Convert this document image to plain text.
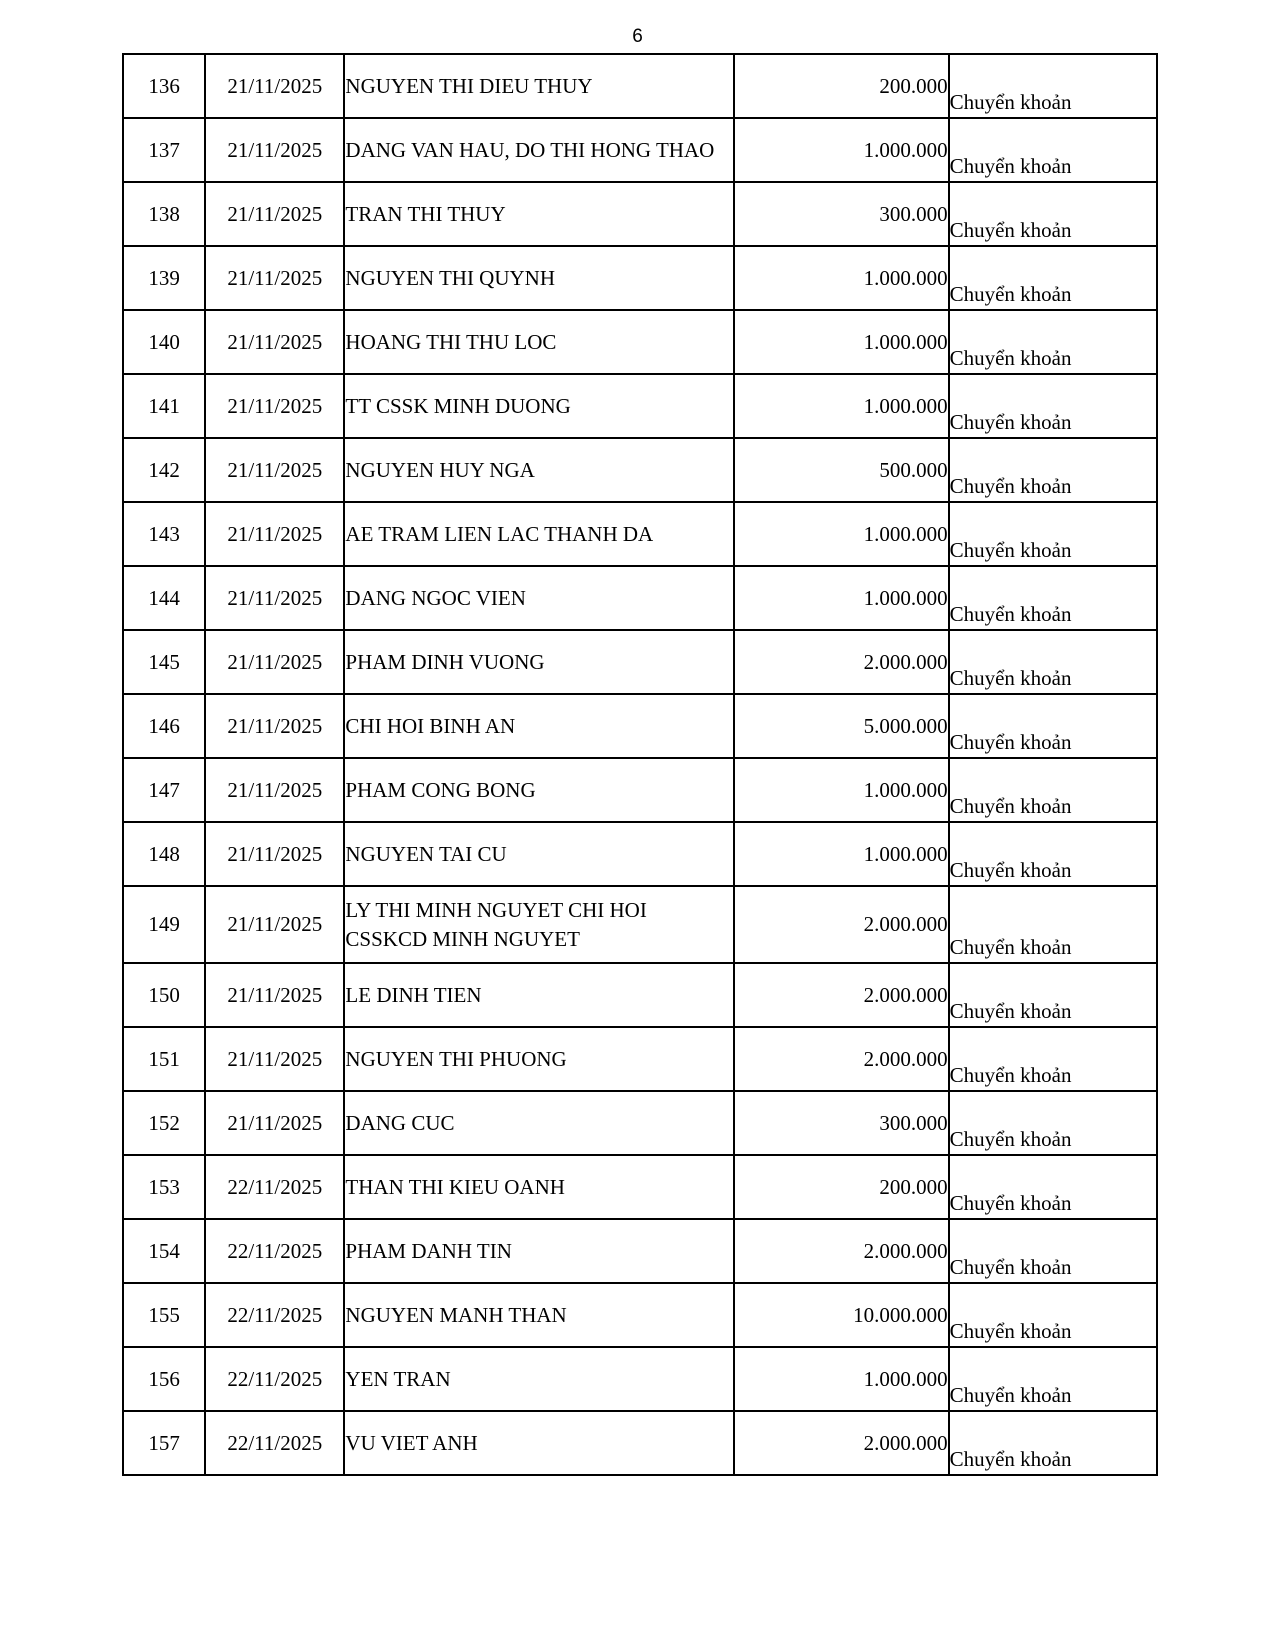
6
136	21/11/2025	NGUYEN THI DIEU THUY	200.000	Chuyển khoản
137	21/11/2025	DANG VAN HAU, DO THI HONG THAO	1.000.000	Chuyển khoản
138	21/11/2025	TRAN THI THUY	300.000	Chuyển khoản
139	21/11/2025	NGUYEN THI QUYNH	1.000.000	Chuyển khoản
140	21/11/2025	HOANG THI THU LOC	1.000.000	Chuyển khoản
141	21/11/2025	TT CSSK MINH DUONG	1.000.000	Chuyển khoản
142	21/11/2025	NGUYEN HUY NGA	500.000	Chuyển khoản
143	21/11/2025	AE TRAM LIEN LAC THANH DA	1.000.000	Chuyển khoản
144	21/11/2025	DANG NGOC VIEN	1.000.000	Chuyển khoản
145	21/11/2025	PHAM DINH VUONG	2.000.000	Chuyển khoản
146	21/11/2025	CHI HOI BINH AN	5.000.000	Chuyển khoản
147	21/11/2025	PHAM CONG BONG	1.000.000	Chuyển khoản
148	21/11/2025	NGUYEN TAI CU	1.000.000	Chuyển khoản
149	21/11/2025	LY THI MINH NGUYET CHI HOI CSSKCD MINH NGUYET	2.000.000	Chuyển khoản
150	21/11/2025	LE DINH TIEN	2.000.000	Chuyển khoản
151	21/11/2025	NGUYEN THI PHUONG	2.000.000	Chuyển khoản
152	21/11/2025	DANG CUC	300.000	Chuyển khoản
153	22/11/2025	THAN THI KIEU OANH	200.000	Chuyển khoản
154	22/11/2025	PHAM DANH TIN	2.000.000	Chuyển khoản
155	22/11/2025	NGUYEN MANH THAN	10.000.000	Chuyển khoản
156	22/11/2025	YEN TRAN	1.000.000	Chuyển khoản
157	22/11/2025	VU VIET ANH	2.000.000	Chuyển khoản
